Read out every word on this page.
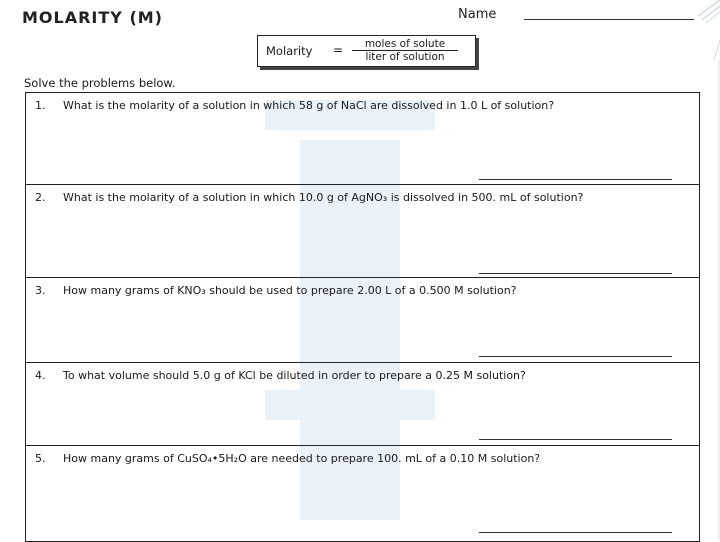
MOLARITY (M)	Name
Molarity =	moles of solute
liter of solution
Solve the problems below.
1. What is the molarity of a solution in which 58 g of NaCl are dissolved in 1.0 L of solution?
2. What is the molarity of a solution in which 10.0 g of AgNO₃ is dissolved in 500. mL of solution?
3. How many grams of KNO₃ should be used to prepare 2.00 L of a 0.500 M solution?
4. To what volume should 5.0 g of KCl be diluted in order to prepare a 0.25 M solution?
5. How many grams of CuSO₄•5H₂O are needed to prepare 100. mL of a 0.10 M solution?
